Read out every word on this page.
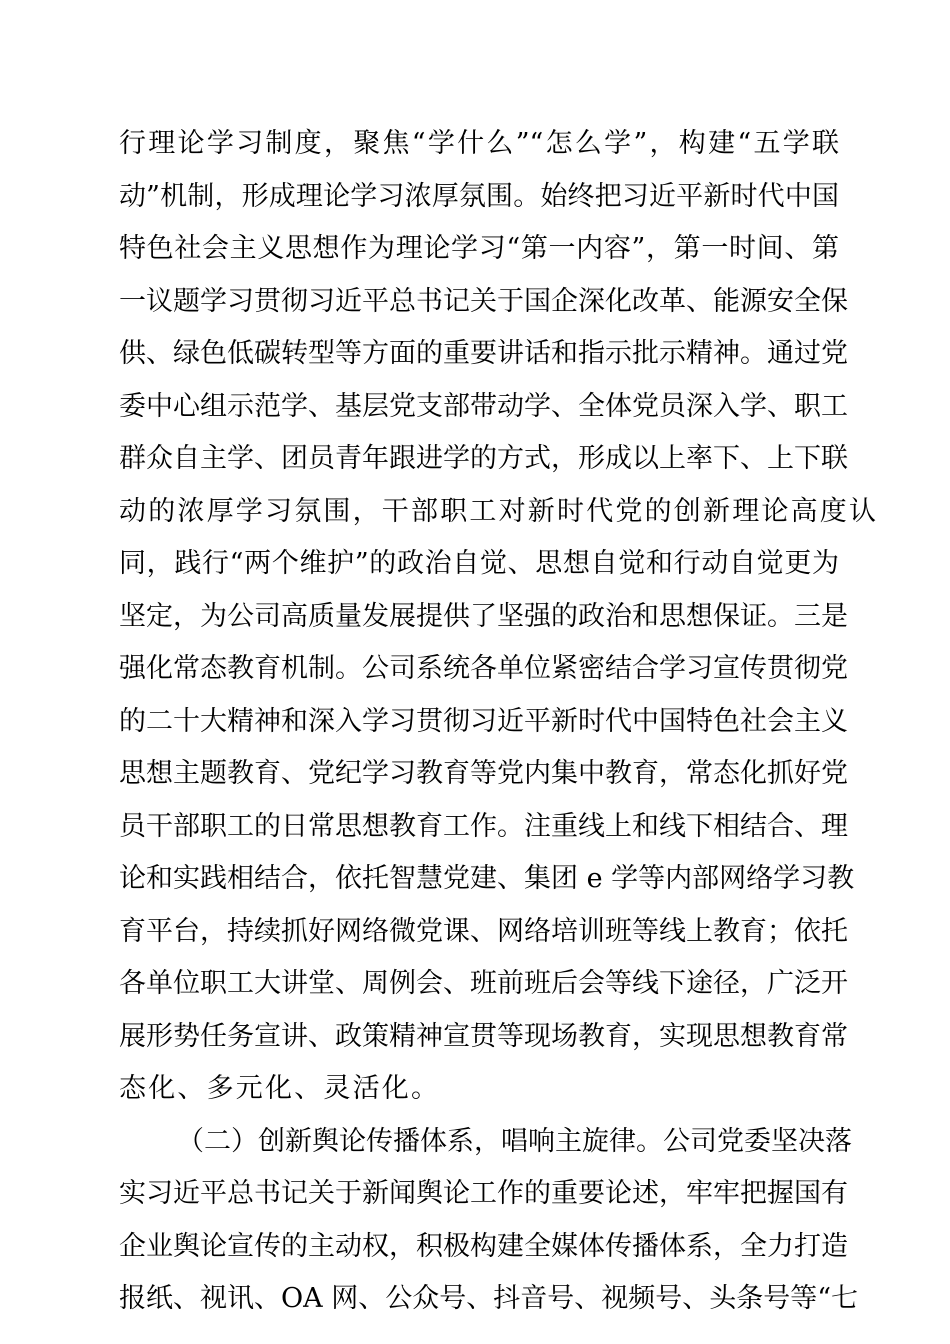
行理论学习制度，聚焦“学什么”“怎么学”，构建“五学联
动”机制，形成理论学习浓厚氛围。始终把习近平新时代中国
特色社会主义思想作为理论学习“第一内容”，第一时间、第
一议题学习贯彻习近平总书记关于国企深化改革、能源安全保
供、绿色低碳转型等方面的重要讲话和指示批示精神。通过党
委中心组示范学、基层党支部带动学、全体党员深入学、职工
群众自主学、团员青年跟进学的方式，形成以上率下、上下联
动的浓厚学习氛围，干部职工对新时代党的创新理论高度认
同，践行“两个维护”的政治自觉、思想自觉和行动自觉更为
坚定，为公司高质量发展提供了坚强的政治和思想保证。三是
强化常态教育机制。公司系统各单位紧密结合学习宣传贯彻党
的二十大精神和深入学习贯彻习近平新时代中国特色社会主义
思想主题教育、党纪学习教育等党内集中教育，常态化抓好党
员干部职工的日常思想教育工作。注重线上和线下相结合、理
论和实践相结合，依托智慧党建、集团 e 学等内部网络学习教
育平台，持续抓好网络微党课、网络培训班等线上教育；依托
各单位职工大讲堂、周例会、班前班后会等线下途径，广泛开
展形势任务宣讲、政策精神宣贯等现场教育，实现思想教育常
态化、多元化、灵活化。
（二）创新舆论传播体系，唱响主旋律。公司党委坚决落
实习近平总书记关于新闻舆论工作的重要论述，牢牢把握国有
企业舆论宣传的主动权，积极构建全媒体传播体系，全力打造
报纸、视讯、OA 网、公众号、抖音号、视频号、头条号等“七
